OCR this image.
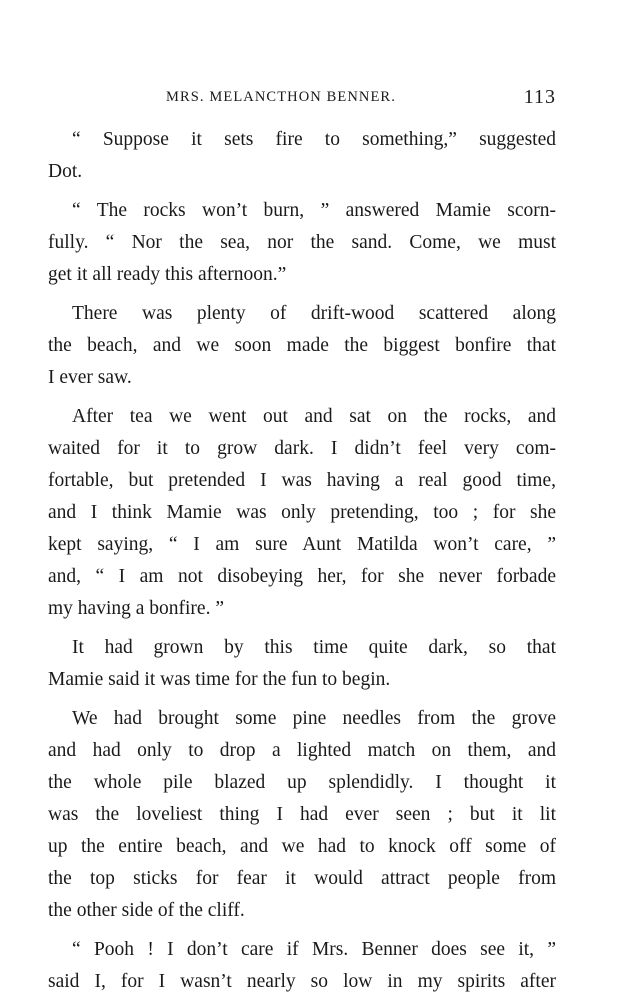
MRS. MELANCTHON BENNER.	113
“ Suppose it sets fire to something,” suggested
Dot.
“ The rocks won’t burn, ” answered Mamie scorn-
fully. “ Nor the sea, nor the sand. Come, we must
get it all ready this afternoon.”
There was plenty of drift-wood scattered along
the beach, and we soon made the biggest bonfire that
I ever saw.
After tea we went out and sat on the rocks, and
waited for it to grow dark. I didn’t feel very com-
fortable, but pretended I was having a real good time,
and I think Mamie was only pretending, too ; for she
kept saying, “ I am sure Aunt Matilda won’t care, ”
and, “ I am not disobeying her, for she never forbade
my having a bonfire. ”
It had grown by this time quite dark, so that
Mamie said it was time for the fun to begin.
We had brought some pine needles from the grove
and had only to drop a lighted match on them, and
the whole pile blazed up splendidly. I thought it
was the loveliest thing I had ever seen ; but it lit
up the entire beach, and we had to knock off some of
the top sticks for fear it would attract people from
the other side of the cliff.
“ Pooh ! I don’t care if Mrs. Benner does see it, ”
said I, for I wasn’t nearly so low in my spirits after
